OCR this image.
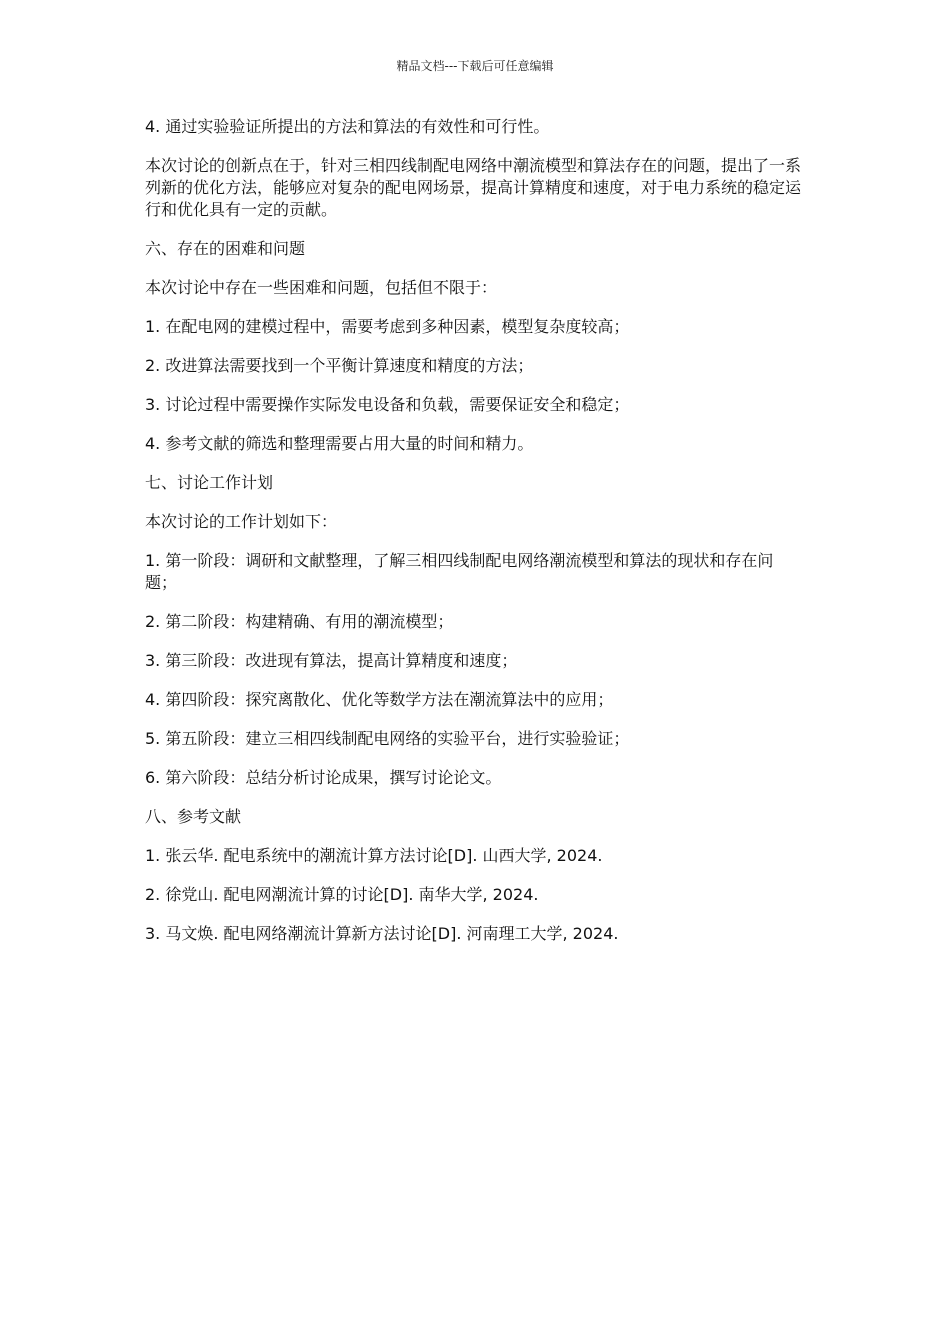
精品文档---下载后可任意编辑

4. 通过实验验证所提出的方法和算法的有效性和可行性。

本次讨论的创新点在于，针对三相四线制配电网络中潮流模型和算法存在的问题，提出了一系列新的优化方法，能够应对复杂的配电网场景，提高计算精度和速度，对于电力系统的稳定运行和优化具有一定的贡献。

六、存在的困难和问题

本次讨论中存在一些困难和问题，包括但不限于：

1. 在配电网的建模过程中，需要考虑到多种因素，模型复杂度较高；

2. 改进算法需要找到一个平衡计算速度和精度的方法；

3. 讨论过程中需要操作实际发电设备和负载，需要保证安全和稳定；

4. 参考文献的筛选和整理需要占用大量的时间和精力。

七、讨论工作计划

本次讨论的工作计划如下：

1. 第一阶段：调研和文献整理，了解三相四线制配电网络潮流模型和算法的现状和存在问题；

2. 第二阶段：构建精确、有用的潮流模型；

3. 第三阶段：改进现有算法，提高计算精度和速度；

4. 第四阶段：探究离散化、优化等数学方法在潮流算法中的应用；

5. 第五阶段：建立三相四线制配电网络的实验平台，进行实验验证；

6. 第六阶段：总结分析讨论成果，撰写讨论论文。

八、参考文献

1. 张云华. 配电系统中的潮流计算方法讨论[D]. 山西大学, 2024.

2. 徐党山. 配电网潮流计算的讨论[D]. 南华大学, 2024.

3. 马文焕. 配电网络潮流计算新方法讨论[D]. 河南理工大学, 2024.
